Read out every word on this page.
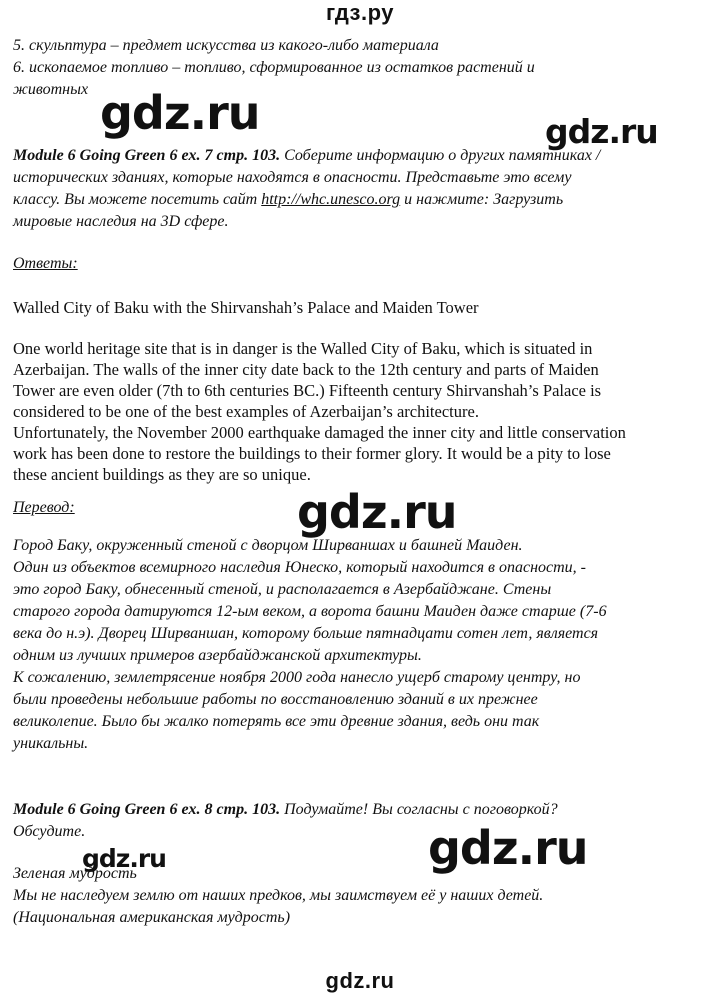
гдз.ру

5. скульптура – предмет искусства из какого-либо материала

6. ископаемое топливо – топливо, сформированное из остатков растений и

животных

Module 6 Going Green 6 ex. 7 стр. 103. Соберите информацию о других памятниках /

исторических зданиях, которые находятся в опасности. Представьте это всему

классу. Вы можете посетить сайт http://whc.unesco.org и нажмите: Загрузить

мировые наследия на 3D сфере.

Ответы:

Walled City of Baku with the Shirvanshah’s Palace and Maiden Tower

One world heritage site that is in danger is the Walled City of Baku, which is situated in

Azerbaijan. The walls of the inner city date back to the 12th century and parts of Maiden

Tower are even older (7th to 6th centuries BC.) Fifteenth century Shirvanshah’s Palace is

considered to be one of the best examples of Azerbaijan’s architecture.

Unfortunately, the November 2000 earthquake damaged the inner city and little conservation

work has been done to restore the buildings to their former glory. It would be a pity to lose

these ancient buildings as they are so unique.

Перевод:

Город Баку, окруженный стеной с дворцом Ширваншах и башней Маиден.

Один из объектов всемирного наследия Юнеско, который находится в опасности, -

это город Баку, обнесенный стеной, и располагается в Азербайджане. Стены

старого города датируются 12-ым веком, а ворота башни Маиден даже старше (7-6

века до н.э). Дворец Ширваншан, которому больше пятнадцати сотен лет, является

одним из лучших примеров азербайджанской архитектуры.

К сожалению, землетрясение ноября 2000 года нанесло ущерб старому центру, но

были проведены небольшие работы по восстановлению зданий в их прежнее

великолепие. Было бы жалко потерять все эти древние здания, ведь они так

уникальны.

Module 6 Going Green 6 ex. 8 стр. 103. Подумайте! Вы согласны с поговоркой?

Обсудите.

Зеленая мудрость

Мы не наследуем землю от наших предков, мы заимствуем её у наших детей.

(Национальная американская мудрость)

gdz.ru	gdz.ru
gdz.ru
gdz.ru
gdz.ru
gdz.ru
